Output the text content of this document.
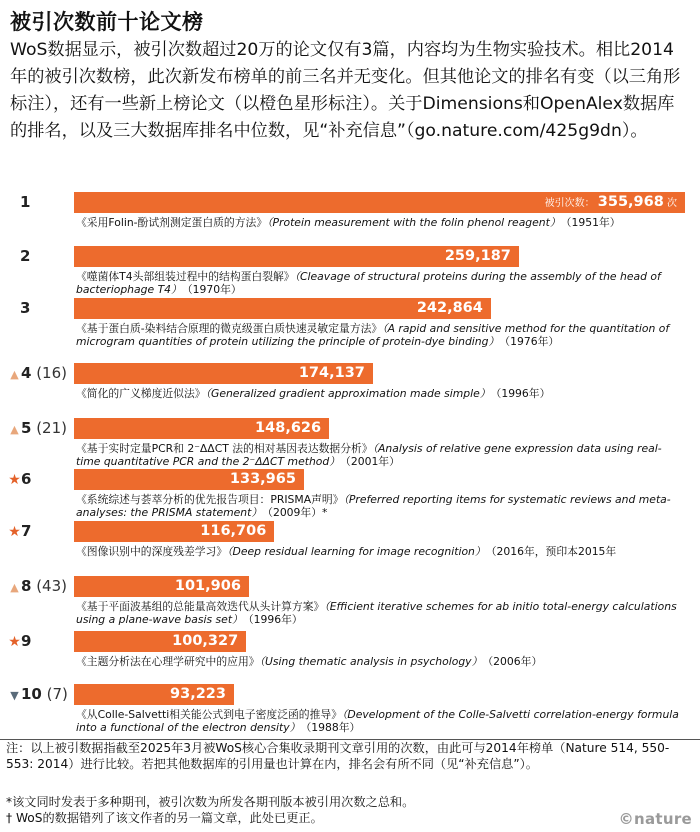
被引次数前十论文榜
WoS数据显示，被引次数超过20万的论文仅有3篇，内容均为生物实验技术。相比2014年的被引次数榜，此次新发布榜单的前三名并无变化。但其他论文的排名有变（以三角形标注），还有一些新上榜论文（以橙色星形标注）。关于Dimensions和OpenAlex数据库的排名，以及三大数据库排名中位数，见“补充信息”（go.nature.com/425g9dn）。
1	被引次数： 355,968 次
《采用Folin-酚试剂测定蛋白质的方法》（Protein measurement with the folin phenol reagent）　（1951年）
2	259,187
《噬菌体T4头部组装过程中的结构蛋白裂解》（Cleavage of structural proteins during the assembly of the head of bacteriophage T4）　（1970年）
3	242,864
《基于蛋白质-染料结合原理的微克级蛋白质快速灵敏定量方法》（A rapid and sensitive method for the quantitation of microgram quantities of protein utilizing the principle of protein-dye binding）　（1976年）
▲ 4 (16)	174,137
《简化的广义梯度近似法》（Generalized gradient approximation made simple）　（1996年）
▲ 5 (21)	148,626
《基于实时定量PCR和 2⁻ΔΔCT 法的相对基因表达数据分析》（Analysis of relative gene expression data using real-time quantitative PCR and the 2⁻ΔΔCT method）　（2001年）
★6	133,965
《系统综述与荟萃分析的优先报告项目：PRISMA声明》（Preferred reporting items for systematic reviews and meta-analyses: the PRISMA statement）　（2009年）*
★7	116,706
《图像识别中的深度残差学习》（Deep residual learning for image recognition）　（2016年，预印本2015年
▲ 8 (43)	101,906
《基于平面波基组的总能量高效迭代从头计算方案》（Efficient iterative schemes for ab initio total-energy calculations using a plane-wave basis set）　（1996年）
★9	100,327
《主题分析法在心理学研究中的应用》（Using thematic analysis in psychology）　（2006年）
▼ 10 (7)	93,223
《从Colle-Salvetti相关能公式到电子密度泛函的推导》（Development of the Colle-Salvetti correlation-energy formula into a functional of the electron density）　（1988年）
注：以上被引数据指截至2025年3月被WoS核心合集收录期刊文章引用的次数，由此可与2014年榜单（Nature 514, 550-553: 2014）进行比较。若把其他数据库的引用量也计算在内，排名会有所不同（见“补充信息”）。
*该文同时发表于多种期刊，被引次数为所发各期刊版本被引用次数之总和。
† WoS的数据错列了该文作者的另一篇文章，此处已更正。	©nature
